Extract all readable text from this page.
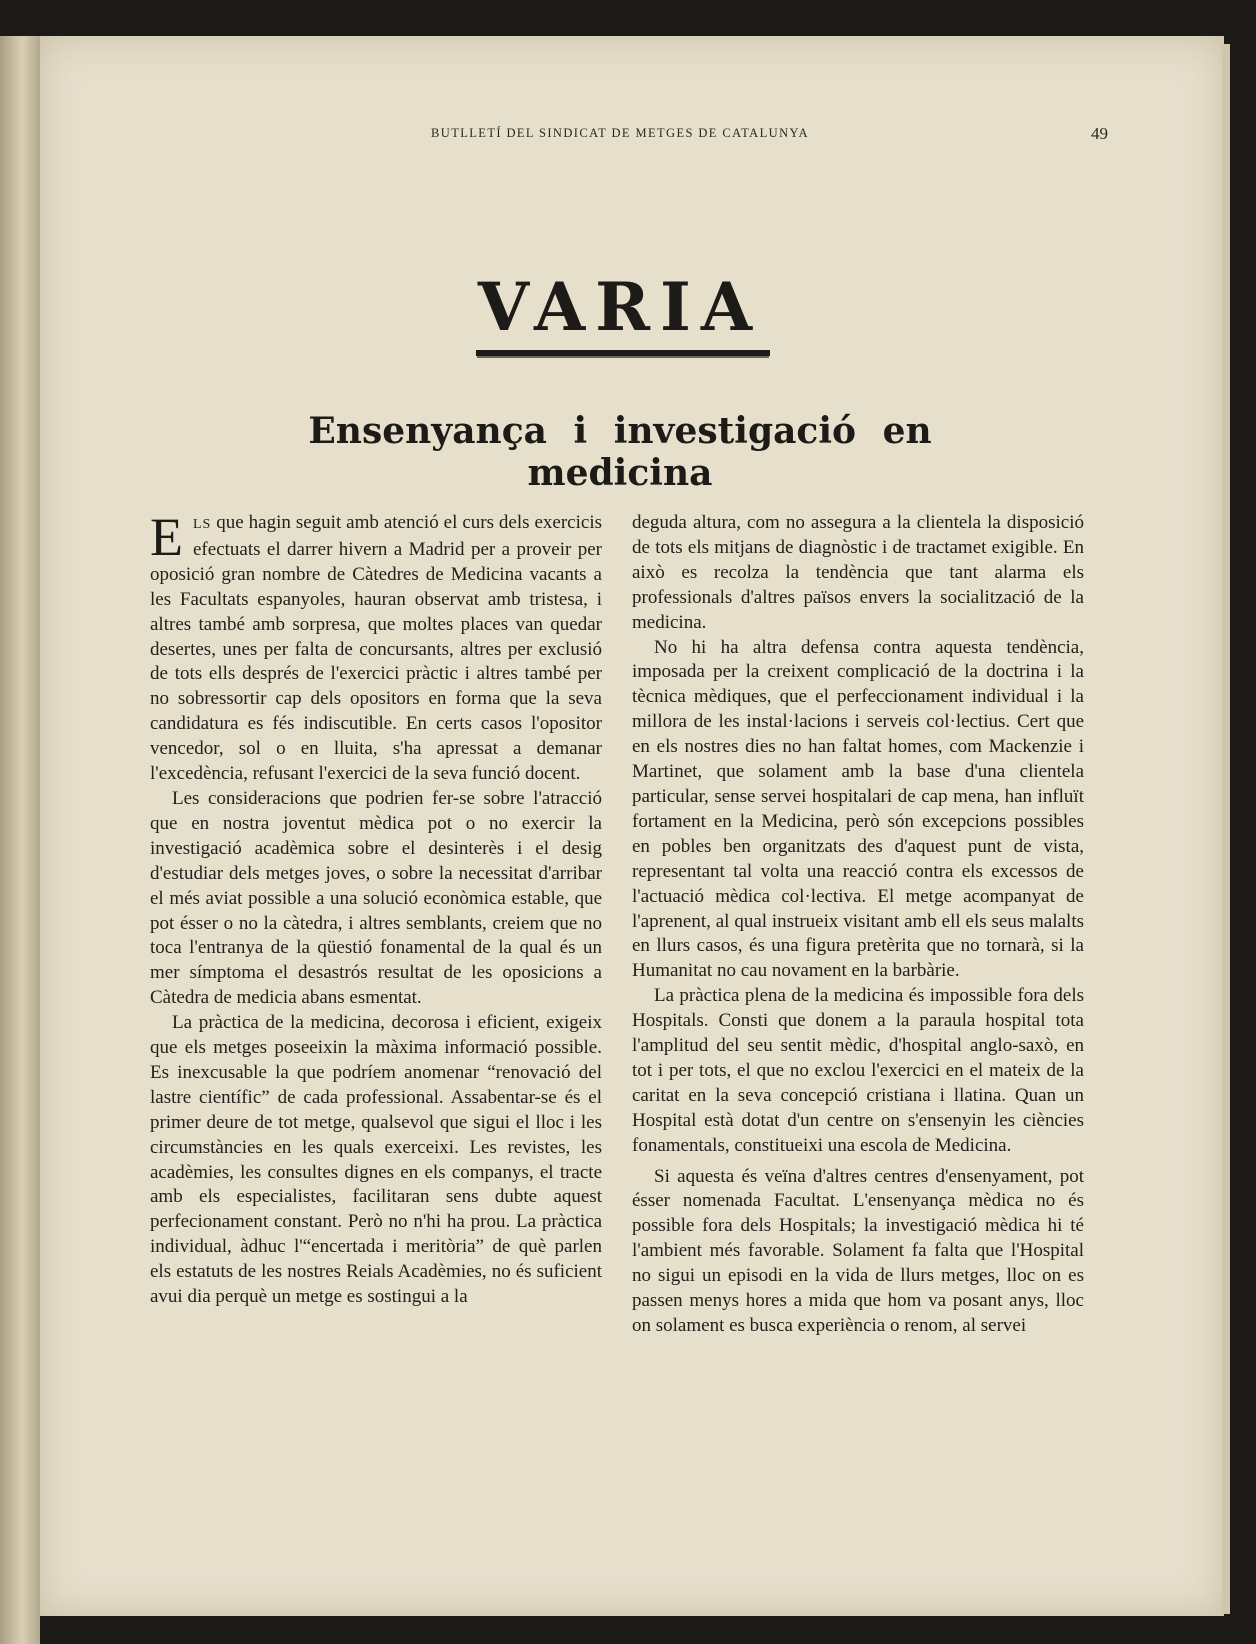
BUTLLETÍ DEL SINDICAT DE METGES DE CATALUNYA	49
VARIA
Ensenyança i investigació en medicina

ELS que hagin seguit amb atenció el curs dels exercicis efectuats el darrer hivern a Madrid per a proveir per oposició gran nombre de Càtedres de Medicina vacants a les Facultats espanyoles, hauran observat amb tristesa, i altres també amb sorpresa, que moltes places van quedar desertes, unes per falta de concursants, altres per exclusió de tots ells després de l'exercici pràctic i altres també per no sobressortir cap dels opositors en forma que la seva candidatura es fés indiscutible. En certs casos l'opositor vencedor, sol o en lluita, s'ha apressat a demanar l'excedència, refusant l'exercici de la seva funció docent.

Les consideracions que podrien fer-se sobre l'atracció que en nostra joventut mèdica pot o no exercir la investigació acadèmica sobre el desinterès i el desig d'estudiar dels metges joves, o sobre la necessitat d'arribar el més aviat possible a una solució econòmica estable, que pot ésser o no la càtedra, i altres semblants, creiem que no toca l'entranya de la qüestió fonamental de la qual és un mer símptoma el desastrós resultat de les oposicions a Càtedra de medicia abans esmentat.

La pràctica de la medicina, decorosa i eficient, exigeix que els metges poseeixin la màxima informació possible. Es inexcusable la que podríem anomenar “renovació del lastre científic” de cada professional. Assabentar-se és el primer deure de tot metge, qualsevol que sigui el lloc i les circumstàncies en les quals exerceixi. Les revistes, les acadèmies, les consultes dignes en els companys, el tracte amb els especialistes, facilitaran sens dubte aquest perfecionament constant. Però no n'hi ha prou. La pràctica individual, àdhuc l'“encertada i meritòria” de què parlen els estatuts de les nostres Reials Acadèmies, no és suficient avui dia perquè un metge es sostingui a la

deguda altura, com no assegura a la clientela la disposició de tots els mitjans de diagnòstic i de tractamet exigible. En això es recolza la tendència que tant alarma els professionals d'altres països envers la socialització de la medicina.

No hi ha altra defensa contra aquesta tendència, imposada per la creixent complicació de la doctrina i la tècnica mèdiques, que el perfeccionament individual i la millora de les instal·lacions i serveis col·lectius. Cert que en els nostres dies no han faltat homes, com Mackenzie i Martinet, que solament amb la base d'una clientela particular, sense servei hospitalari de cap mena, han influït fortament en la Medicina, però són excepcions possibles en pobles ben organitzats des d'aquest punt de vista, representant tal volta una reacció contra els excessos de l'actuació mèdica col·lectiva. El metge acompanyat de l'aprenent, al qual instrueix visitant amb ell els seus malalts en llurs casos, és una figura pretèrita que no tornarà, si la Humanitat no cau novament en la barbàrie.

La pràctica plena de la medicina és impossible fora dels Hospitals. Consti que donem a la paraula hospital tota l'amplitud del seu sentit mèdic, d'hospital anglo-saxò, en tot i per tots, el que no exclou l'exercici en el mateix de la caritat en la seva concepció cristiana i llatina. Quan un Hospital està dotat d'un centre on s'ensenyin les ciències fonamentals, constitueixi una escola de Medicina.

Si aquesta és veïna d'altres centres d'ensenyament, pot ésser nomenada Facultat. L'ensenyança mèdica no és possible fora dels Hospitals; la investigació mèdica hi té l'ambient més favorable. Solament fa falta que l'Hospital no sigui un episodi en la vida de llurs metges, lloc on es passen menys hores a mida que hom va posant anys, lloc on solament es busca experiència o renom, al servei
